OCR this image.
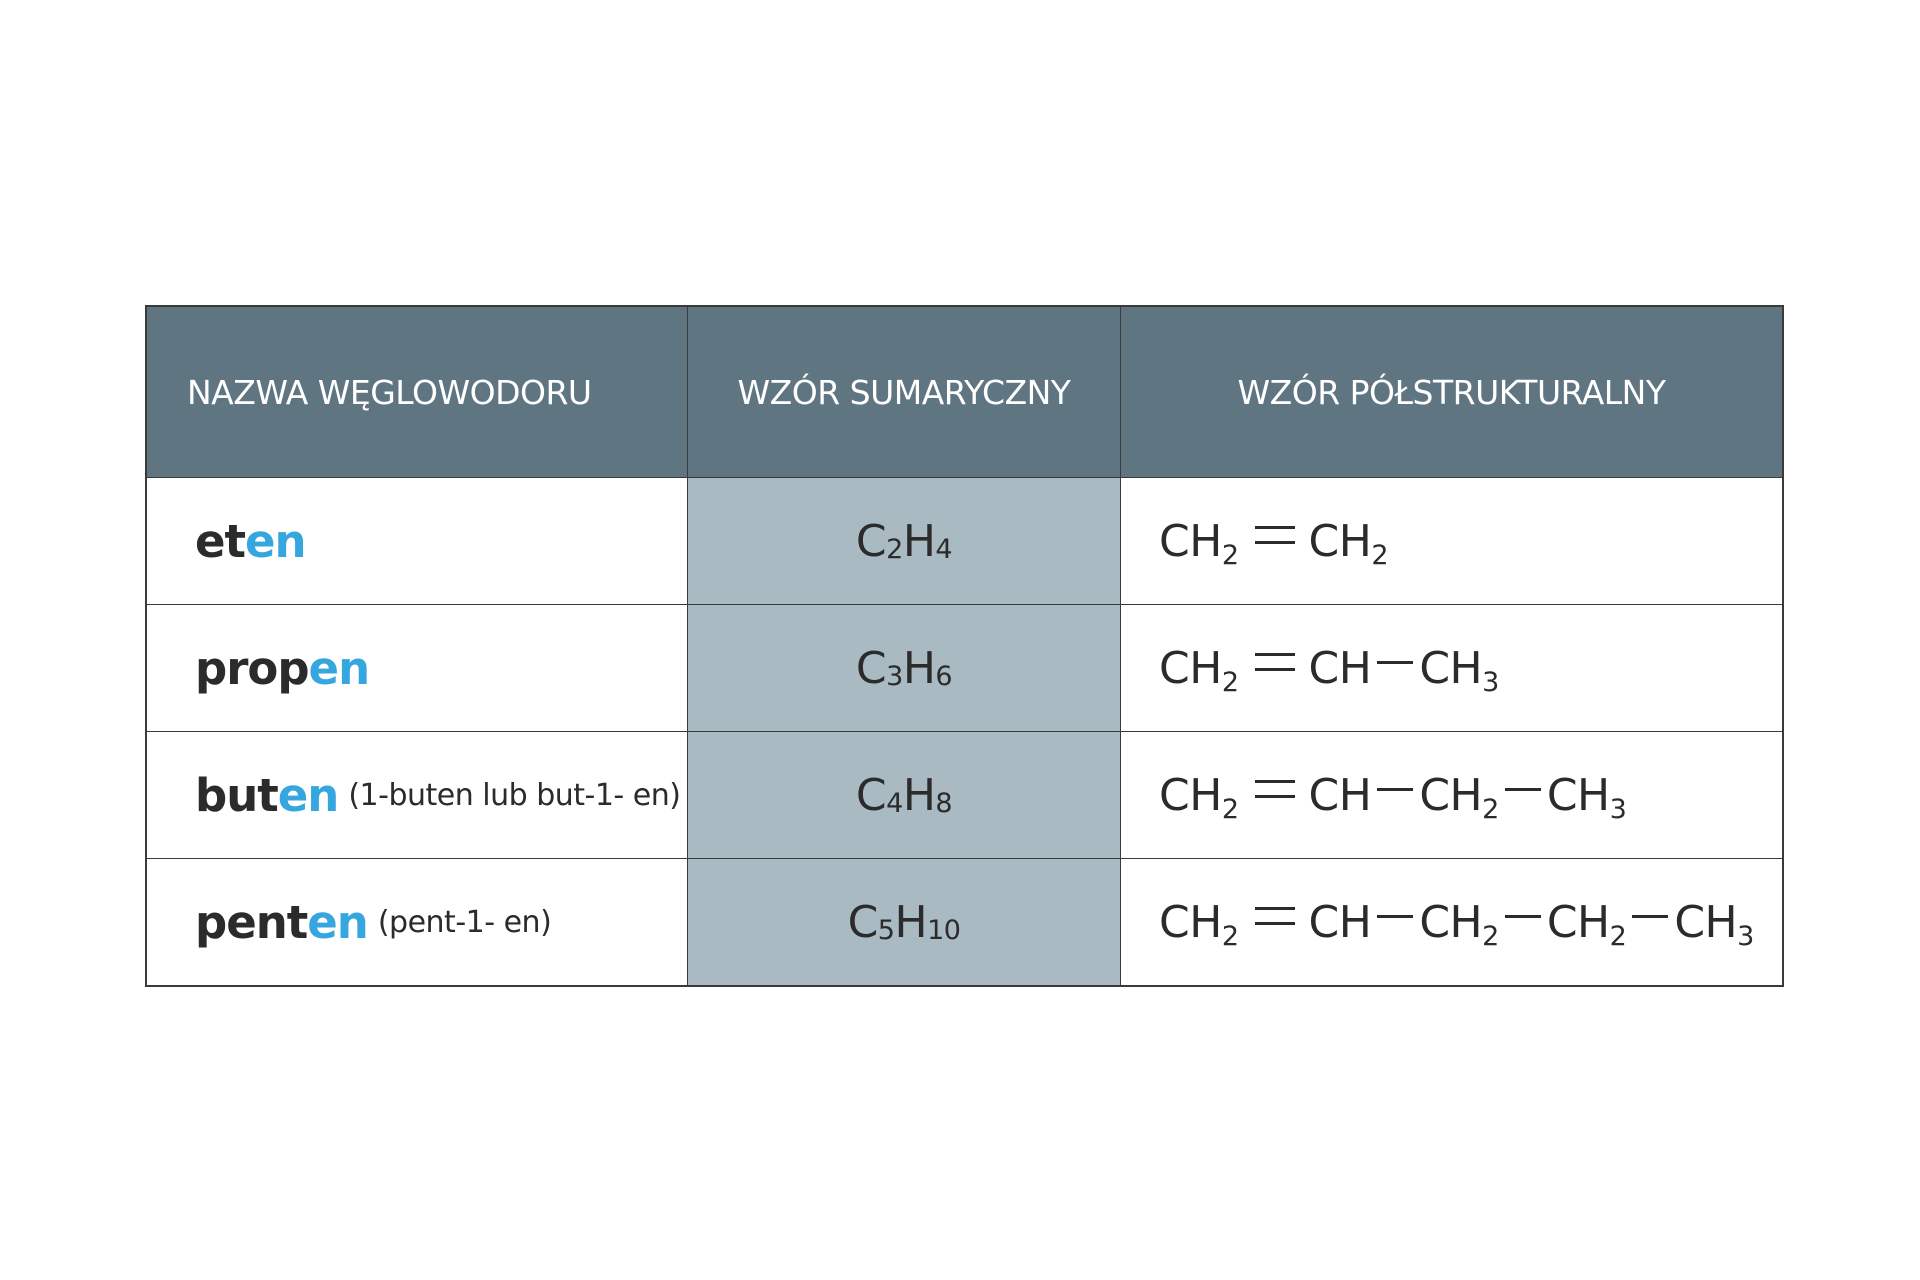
NAZWA WĘGLOWODORU	WZÓR SUMARYCZNY	WZÓR PÓŁSTRUKTURALNY
eten	$C_2$ $H_4$	$CH_2$ $CH_2$
propen	$C_3$ $H_6$	$CH_2$ CH $CH_3$
buten (1-buten lub but-1- en)	$C_4$ $H_8$	$CH_2$ CH $CH_2$ $CH_3$
penten (pent-1- en)	$C_5$ $H_{10}$	$CH_2$ CH $CH_2$ $CH_2$ $CH_3$
